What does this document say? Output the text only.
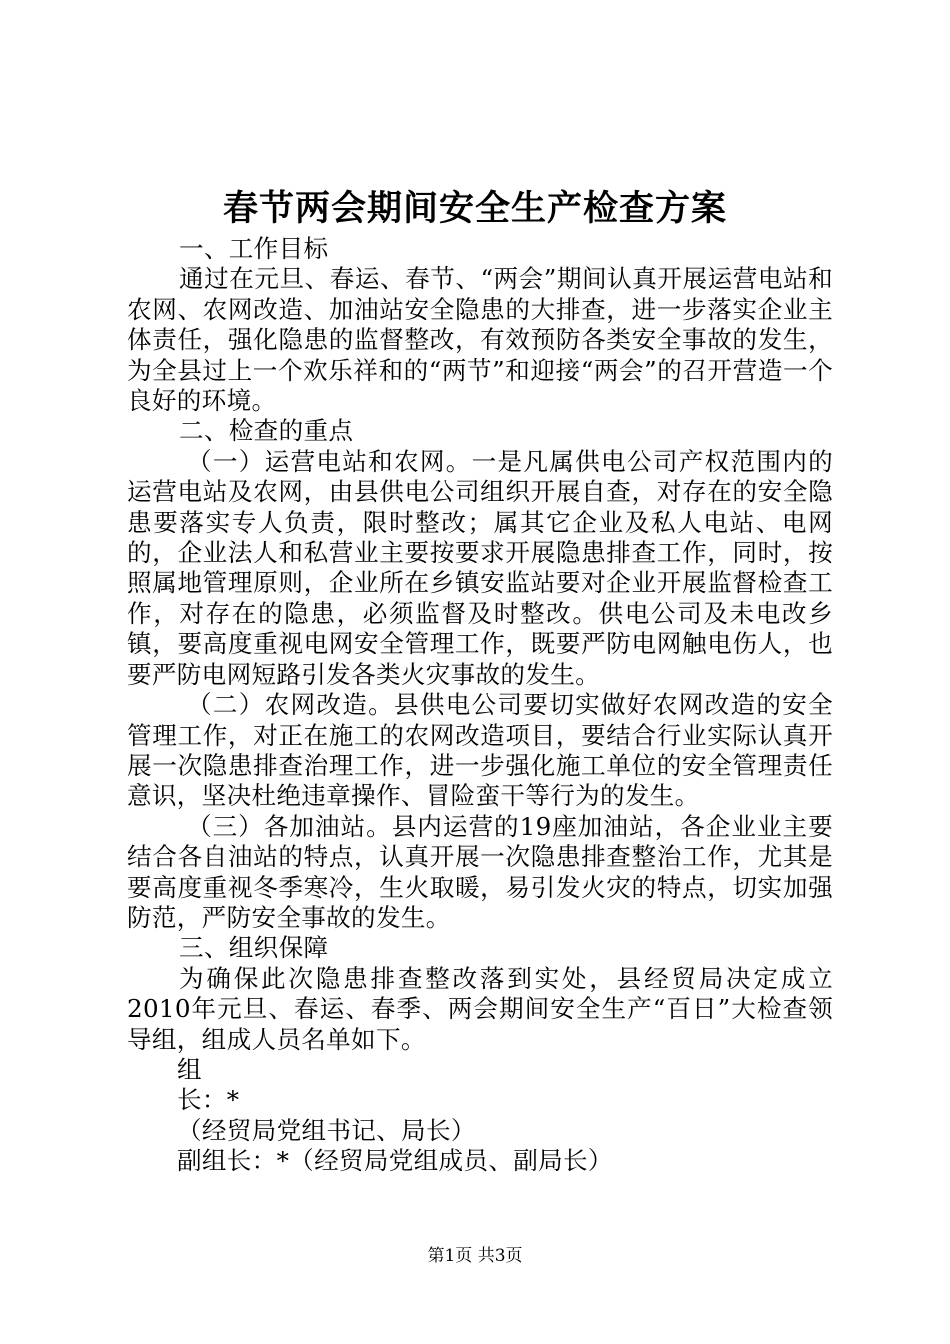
春节两会期间安全生产检查方案

一、工作目标

通过在元旦、春运、春节、“两会”期间认真开展运营电站和农网、农网改造、加油站安全隐患的大排查，进一步落实企业主体责任，强化隐患的监督整改，有效预防各类安全事故的发生，为全县过上一个欢乐祥和的“两节”和迎接“两会”的召开营造一个良好的环境。

二、检查的重点

（一）运营电站和农网。一是凡属供电公司产权范围内的运营电站及农网，由县供电公司组织开展自查，对存在的安全隐患要落实专人负责，限时整改；属其它企业及私人电站、电网的，企业法人和私营业主要按要求开展隐患排查工作，同时，按照属地管理原则，企业所在乡镇安监站要对企业开展监督检查工作，对存在的隐患，必须监督及时整改。供电公司及未电改乡镇，要高度重视电网安全管理工作，既要严防电网触电伤人，也要严防电网短路引发各类火灾事故的发生。

（二）农网改造。县供电公司要切实做好农网改造的安全管理工作，对正在施工的农网改造项目，要结合行业实际认真开展一次隐患排查治理工作，进一步强化施工单位的安全管理责任意识，坚决杜绝违章操作、冒险蛮干等行为的发生。

（三）各加油站。县内运营的19座加油站，各企业业主要结合各自油站的特点，认真开展一次隐患排查整治工作，尤其是要高度重视冬季寒冷，生火取暖，易引发火灾的特点，切实加强防范，严防安全事故的发生。

三、组织保障

为确保此次隐患排查整改落到实处，县经贸局决定成立2010年元旦、春运、春季、两会期间安全生产“百日”大检查领导组，组成人员名单如下。

组

长：*

（经贸局党组书记、局长）

副组长：*（经贸局党组成员、副局长）

第1页 共3页
